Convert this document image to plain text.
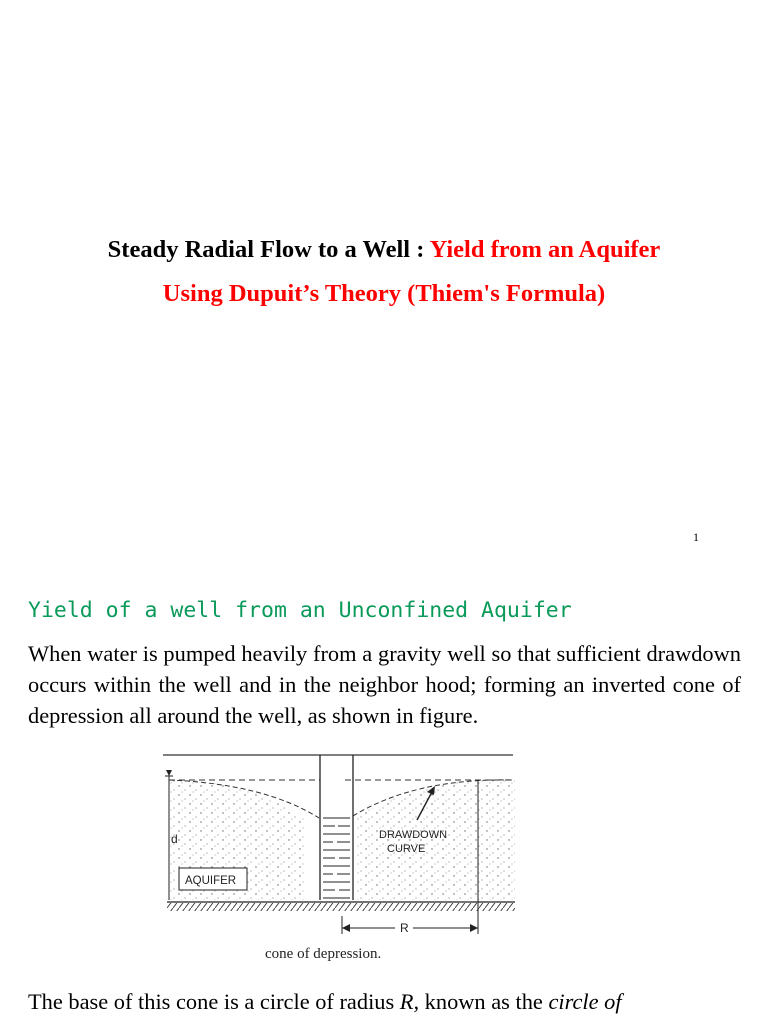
Steady Radial Flow to a Well : Yield from an Aquifer
Using Dupuit’s Theory (Thiem's Formula)
1
Yield of a well from an Unconfined Aquifer
When water is pumped heavily from a gravity well so that sufficient drawdown occurs within the well and in the neighbor hood; forming an inverted cone of depression all around the well, as shown in figure.
d	DRAWDOWN
CURVE
AQUIFER
R
cone of depression.
The base of this cone is a circle of radius R, known as the circle of
